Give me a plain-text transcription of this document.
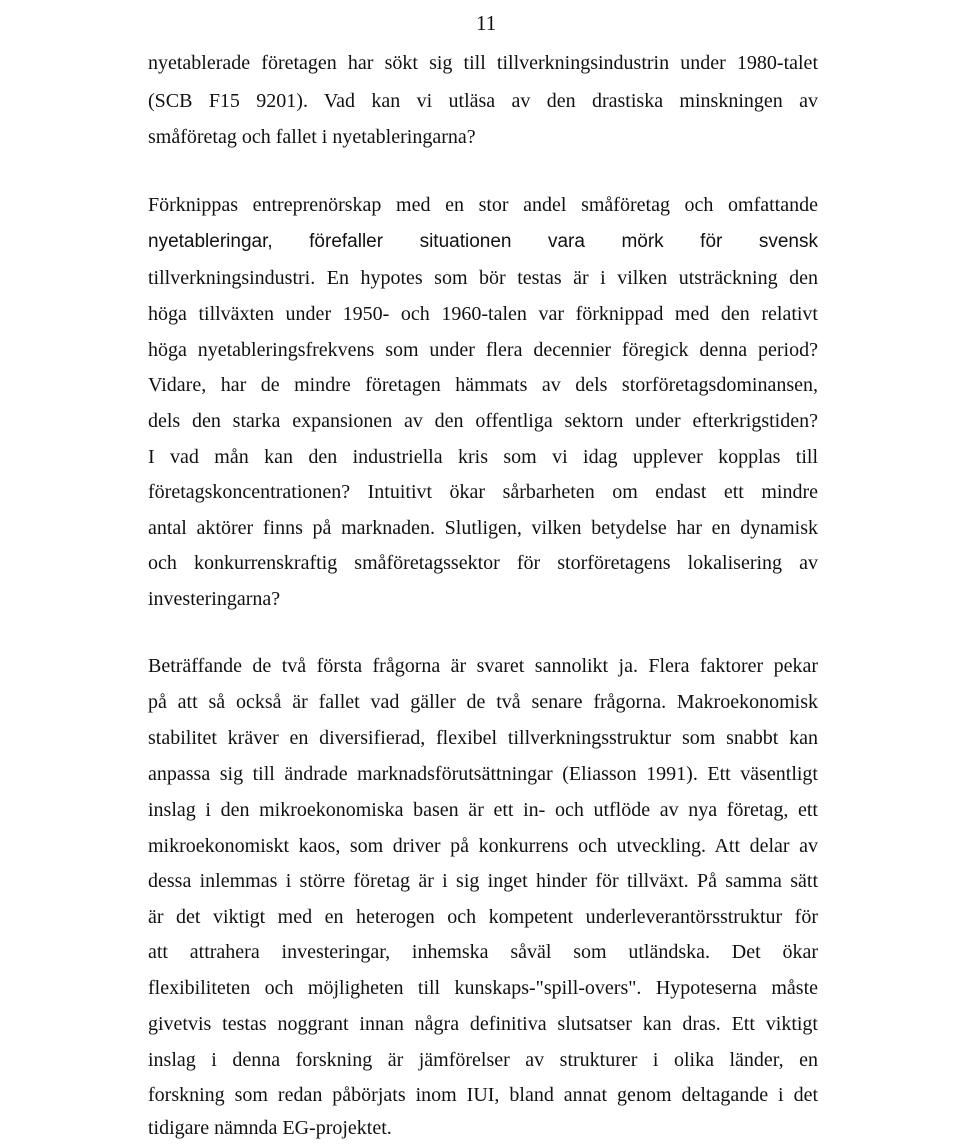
11
nyetablerade företagen har sökt sig till tillverkningsindustrin under 1980-talet
(SCB F15 9201). Vad kan vi utläsa av den drastiska minskningen av
småföretag och fallet i nyetableringarna?
Förknippas entreprenörskap med en stor andel småföretag och omfattande
nyetableringar, förefaller situationen vara mörk för svensk
tillverkningsindustri. En hypotes som bör testas är i vilken utsträckning den
höga tillväxten under 1950- och 1960-talen var förknippad med den relativt
höga nyetableringsfrekvens som under flera decennier föregick denna period?
Vidare, har de mindre företagen hämmats av dels storföretagsdominansen,
dels den starka expansionen av den offentliga sektorn under efterkrigstiden?
I vad mån kan den industriella kris som vi idag upplever kopplas till
företagskoncentrationen? Intuitivt ökar sårbarheten om endast ett mindre
antal aktörer finns på marknaden. Slutligen, vilken betydelse har en dynamisk
och konkurrenskraftig småföretagssektor för storföretagens lokalisering av
investeringarna?
Beträffande de två första frågorna är svaret sannolikt ja. Flera faktorer pekar
på att så också är fallet vad gäller de två senare frågorna. Makroekonomisk
stabilitet kräver en diversifierad, flexibel tillverkningsstruktur som snabbt kan
anpassa sig till ändrade marknadsförutsättningar (Eliasson 1991). Ett väsentligt
inslag i den mikroekonomiska basen är ett in- och utflöde av nya företag, ett
mikroekonomiskt kaos, som driver på konkurrens och utveckling. Att delar av
dessa inlemmas i större företag är i sig inget hinder för tillväxt. På samma sätt
är det viktigt med en heterogen och kompetent underleverantörsstruktur för
att attrahera investeringar, inhemska såväl som utländska. Det ökar
flexibiliteten och möjligheten till kunskaps-"spill-overs". Hypoteserna måste
givetvis testas noggrant innan några definitiva slutsatser kan dras. Ett viktigt
inslag i denna forskning är jämförelser av strukturer i olika länder, en
forskning som redan påbörjats inom IUI, bland annat genom deltagande i det
tidigare nämnda EG-projektet.
